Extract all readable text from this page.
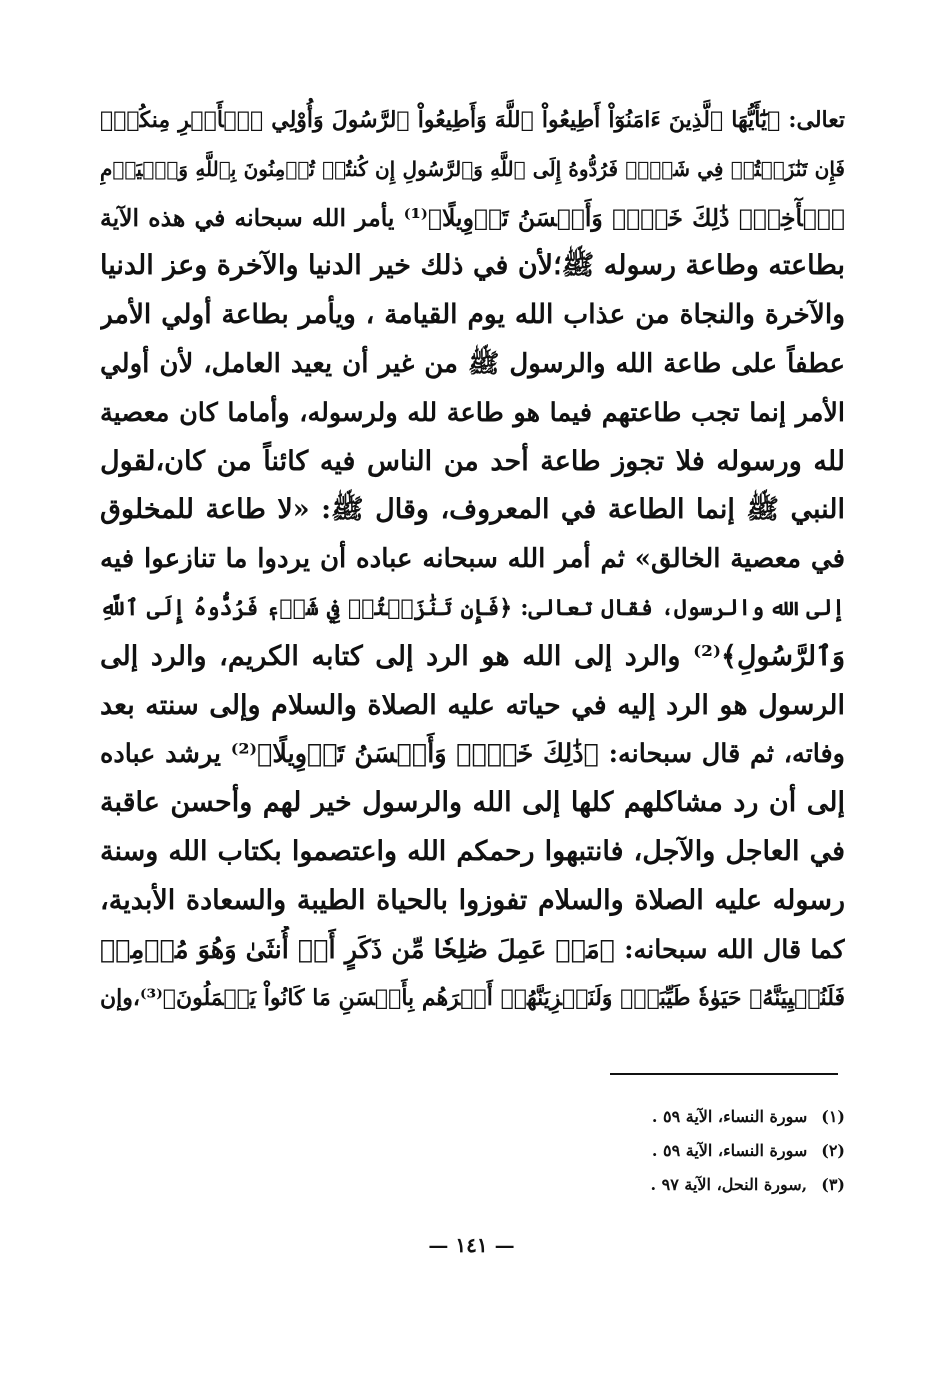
تعالى: ﴿يَٰٓأَيُّهَا ٱلَّذِينَ ءَامَنُوٓاْ أَطِيعُواْ ٱللَّهَ وَأَطِيعُواْ ٱلرَّسُولَ وَأُوْلِي ٱلۡأَمۡرِ مِنكُمۡۖ
فَإِن تَنَٰزَعۡتُمۡ فِي شَيۡءٖ فَرُدُّوهُ إِلَى ٱللَّهِ وَٱلرَّسُولِ إِن كُنتُمۡ تُؤۡمِنُونَ بِٱللَّهِ وَٱلۡيَوۡمِ
ٱلۡأٓخِرِۚ ذَٰلِكَ خَيۡرٞ وَأَحۡسَنُ تَأۡوِيلًا﴾⁽¹⁾ يأمر الله سبحانه في هذه الآية
بطاعته وطاعة رسوله ﷺ؛لأن في ذلك خير الدنيا والآخرة وعز الدنيا
والآخرة والنجاة من عذاب الله يوم القيامة ، ويأمر بطاعة أولي الأمر
عطفاً على طاعة الله والرسول ﷺ من غير أن يعيد العامل، لأن أولي
الأمر إنما تجب طاعتهم فيما هو طاعة لله ولرسوله، وأماما كان معصية
لله ورسوله فلا تجوز طاعة أحد من الناس فيه كائناً من كان،لقول
النبي ﷺ إنما الطاعة في المعروف، وقال ﷺ: «لا طاعة للمخلوق
في معصية الخالق» ثم أمر الله سبحانه عباده أن يردوا ما تنازعوا فيه
إلى الله والرسول، فقال تعالى: ﴿فَإِن تَنَٰزَعۡتُمۡ فِي شَيۡءٖ فَرُدُّوهُ إِلَى ٱللَّهِ
وَٱلرَّسُولِ﴾⁽²⁾ والرد إلى الله هو الرد إلى كتابه الكريم، والرد إلى
الرسول هو الرد إليه في حياته عليه الصلاة والسلام وإلى سنته بعد
وفاته، ثم قال سبحانه: ﴿ذَٰلِكَ خَيۡرٞ وَأَحۡسَنُ تَأۡوِيلًا﴾⁽²⁾ يرشد عباده
إلى أن رد مشاكلهم كلها إلى الله والرسول خير لهم وأحسن عاقبة
في العاجل والآجل، فانتبهوا رحمكم الله واعتصموا بكتاب الله وسنة
رسوله عليه الصلاة والسلام تفوزوا بالحياة الطيبة والسعادة الأبدية،
كما قال الله سبحانه: ﴿مَنۡ عَمِلَ صَٰلِحٗا مِّن ذَكَرٍ أَوۡ أُنثَىٰ وَهُوَ مُؤۡمِنٞ
فَلَنُحۡيِيَنَّهُۥ حَيَوٰةٗ طَيِّبَةٗۖ وَلَنَجۡزِيَنَّهُمۡ أَجۡرَهُم بِأَحۡسَنِ مَا كَانُواْ يَعۡمَلُونَ﴾⁽³⁾،وإن
(١)سورة النساء، الآية ٥٩ .
(٢)سورة النساء، الآية ٥٩ .
(٣),سورة النحل، الآية ٩٧ .
— ١٤١ —
